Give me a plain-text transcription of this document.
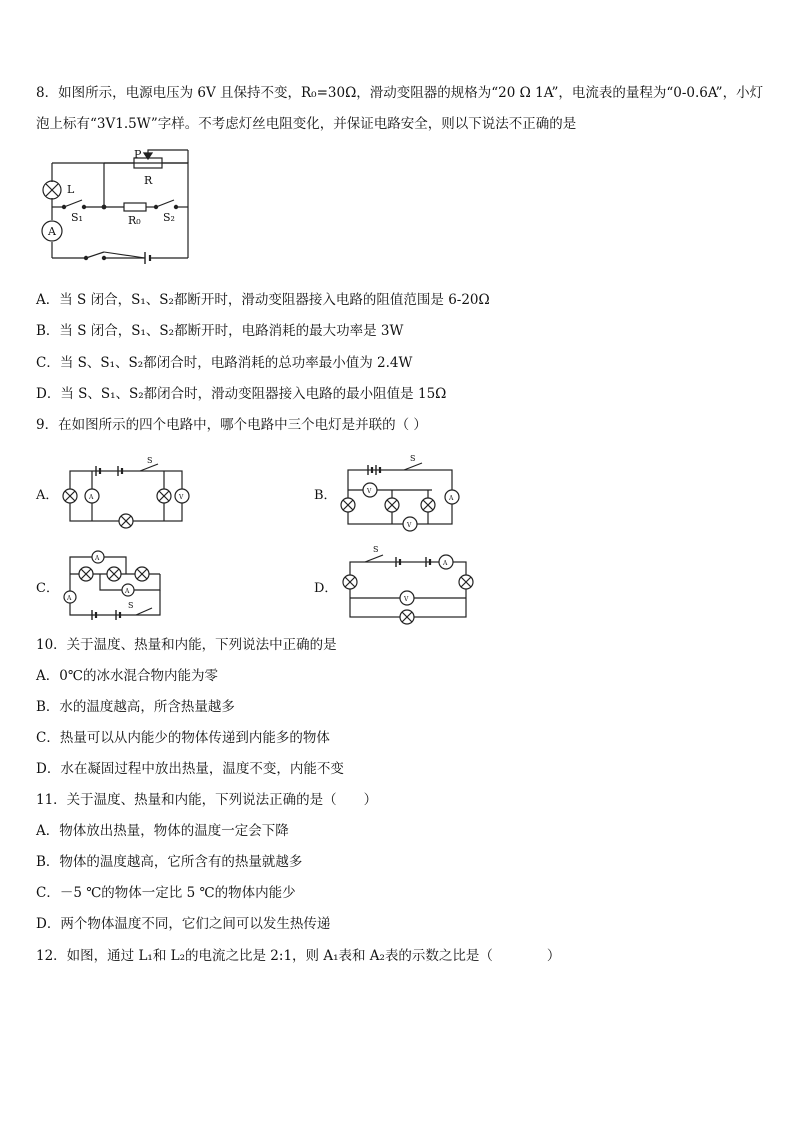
8．如图所示，电源电压为 6V 且保持不变，R₀=30Ω，滑动变阻器的规格为“20 Ω 1A”，电流表的量程为“0-0.6A”，小灯
泡上标有“3V1.5W”字样。不考虑灯丝电阻变化，并保证电路安全，则以下说法不正确的是
L
A
S₁	R₀ S₂
P
R
A．当 S 闭合，S₁、S₂都断开时，滑动变阻器接入电路的阻值范围是 6-20Ω
B．当 S 闭合，S₁、S₂都断开时，电路消耗的最大功率是 3W
C．当 S、S₁、S₂都闭合时，电路消耗的总功率最小值为 2.4W
D．当 S、S₁、S₂都闭合时，滑动变阻器接入电路的最小阻值是 15Ω
9．在如图所示的四个电路中，哪个电路中三个电灯是并联的（ ）
A．	B．
C．	D．
S
A	V
S
V
A
V
A
A
A
S
S
A
V
10．关于温度、热量和内能，下列说法中正确的是
A．0℃的冰水混合物内能为零
B．水的温度越高，所含热量越多
C．热量可以从内能少的物体传递到内能多的物体
D．水在凝固过程中放出热量，温度不变，内能不变
11．关于温度、热量和内能，下列说法正确的是（　　）
A．物体放出热量，物体的温度一定会下降
B．物体的温度越高，它所含有的热量就越多
C．－5 ℃的物体一定比 5 ℃的物体内能少
D．两个物体温度不同，它们之间可以发生热传递
12．如图，通过 L₁和 L₂的电流之比是 2:1，则 A₁表和 A₂表的示数之比是（　　　　）
